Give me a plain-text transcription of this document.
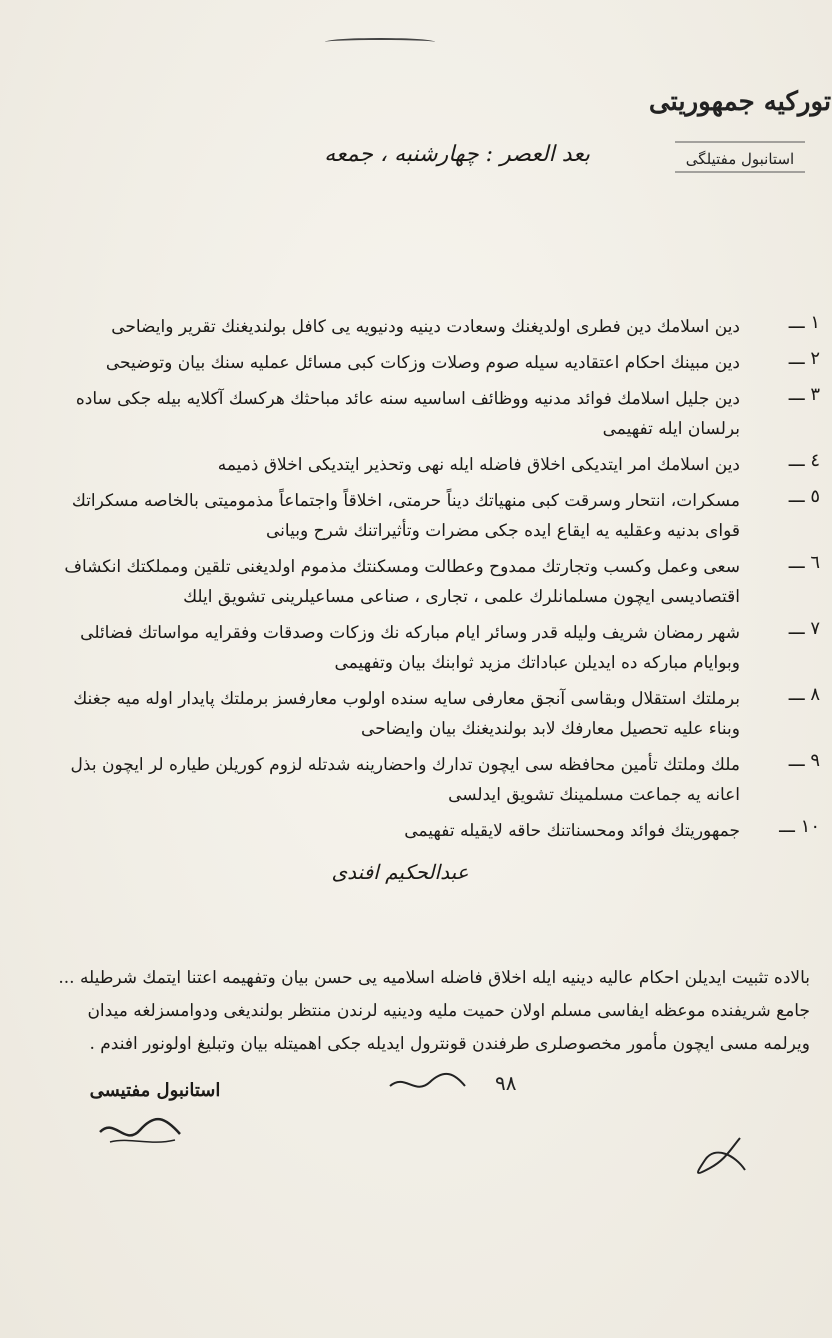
توركیه جمهوریتی
استانبول مفتیلگی
بعد العصر : چهارشنبه ، جمعه
١ ـــ
دین اسلامك دین فطری اولدیغنك وسعادت دینیه ودنیویه یی كافل بولندیغنك تقریر وایضاحی
٢ ـــ
دین مبینك احكام اعتقادیه سیله صوم وصلات وزكات كبی مسائل عملیه سنك بیان وتوضیحی
٣ ـــ
دین جلیل اسلامك فوائد مدنیه ووظائف اساسیه سنه عائد مباحثك هركسك آكلایه بیله جكی ساده برلسان ایله تفهیمی
٤ ـــ
دین اسلامك امر ایتدیكی اخلاق فاضله ایله نهی وتحذیر ایتدیكی اخلاق ذمیمه
٥ ـــ
مسكرات، انتحار وسرقت كبی منهیاتك دیناً حرمتی، اخلاقاً واجتماعاً مذمومیتی بالخاصه مسكراتك قوای بدنیه وعقلیه یه ایقاع ایده جكی مضرات وتأثیراتنك شرح وبیانی
٦ ـــ
سعی وعمل وكسب وتجارتك ممدوح وعطالت ومسكنتك مذموم اولدیغنی تلقین ومملكتك انكشاف اقتصادیسی ایچون مسلمانلرك علمی ، تجاری ، صناعی مساعیلرینی تشویق ایلك
٧ ـــ
شهر رمضان شریف ولیله قدر وسائر ایام مباركه نك وزكات وصدقات وفقرایه مواساتك فضائلی وبوایام مباركه ده ایدیلن عباداتك مزید ثوابنك بیان وتفهیمی
٨ ـــ
برملتك استقلال وبقاسی آنجق معارفی سایه سنده اولوب معارفسز برملتك پایدار اوله میه جغنك وبناء علیه تحصیل معارفك لابد بولندیغنك بیان وایضاحی
٩ ـــ
ملك وملتك تأمین محافظه سی ایچون تدارك واحضارینه شدتله لزوم كوریلن طیاره لر ایچون بذل اعانه یه جماعت مسلمینك تشویق ایدلسی
١٠ ـــ
جمهوریتك فوائد ومحسناتنك حاقه لایقیله تفهیمی
عبدالحكیم افندی
بالاده تثبیت ایدیلن احكام عالیه دینیه ایله اخلاق فاضله اسلامیه یی حسن بیان وتفهیمه اعتنا ایتمك شرطیله ... جامع شریفنده موعظه ایفاسی مسلم اولان حمیت ملیه ودینیه لرندن منتظر بولندیغی ودوامسزلغه میدان ویرلمه مسی ایچون مأمور مخصوصلری طرفندن قونترول ایدیله جكی اهمیتله بیان وتبلیغ اولونور افندم .
٩٨
استانبول مفتیسی
